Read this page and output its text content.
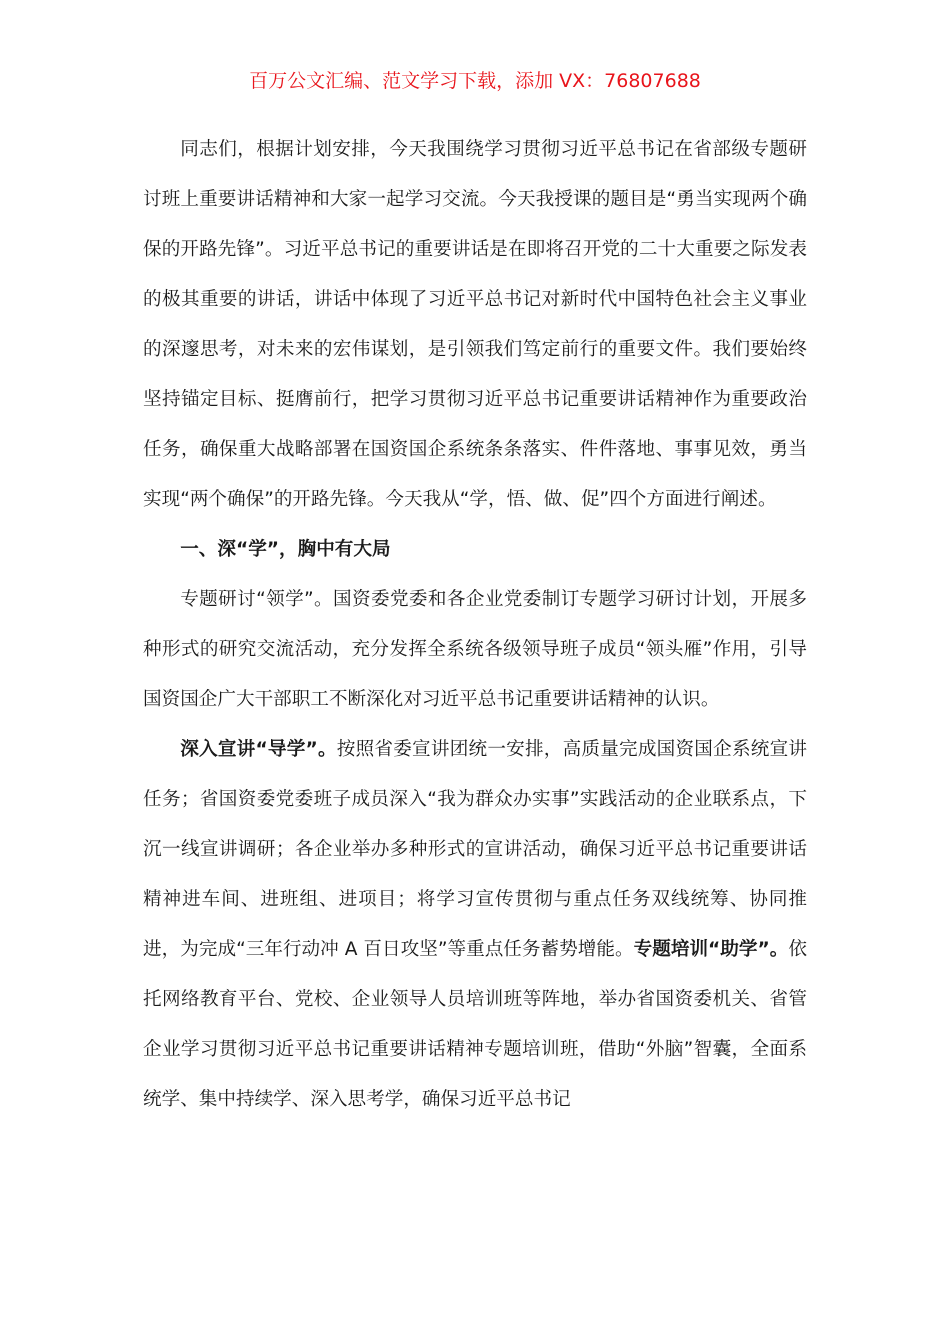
百万公文汇编、范文学习下载，添加 VX：76807688

同志们，根据计划安排，今天我围绕学习贯彻习近平总书记在省部级专题研讨班上重要讲话精神和大家一起学习交流。今天我授课的题目是“勇当实现两个确保的开路先锋”。习近平总书记的重要讲话是在即将召开党的二十大重要之际发表的极其重要的讲话，讲话中体现了习近平总书记对新时代中国特色社会主义事业的深邃思考，对未来的宏伟谋划，是引领我们笃定前行的重要文件。我们要始终坚持锚定目标、挺膺前行，把学习贯彻习近平总书记重要讲话精神作为重要政治任务，确保重大战略部署在国资国企系统条条落实、件件落地、事事见效，勇当实现“两个确保”的开路先锋。今天我从“学，悟、做、促”四个方面进行阐述。

一、深“学”，胸中有大局

专题研讨“领学”。国资委党委和各企业党委制订专题学习研讨计划，开展多种形式的研究交流活动，充分发挥全系统各级领导班子成员“领头雁”作用，引导国资国企广大干部职工不断深化对习近平总书记重要讲话精神的认识。

深入宣讲“导学”。按照省委宣讲团统一安排，高质量完成国资国企系统宣讲任务；省国资委党委班子成员深入“我为群众办实事”实践活动的企业联系点，下沉一线宣讲调研；各企业举办多种形式的宣讲活动，确保习近平总书记重要讲话精神进车间、进班组、进项目；将学习宣传贯彻与重点任务双线统筹、协同推进，为完成“三年行动冲 A 百日攻坚”等重点任务蓄势增能。专题培训“助学”。依托网络教育平台、党校、企业领导人员培训班等阵地，举办省国资委机关、省管企业学习贯彻习近平总书记重要讲话精神专题培训班，借助“外脑”智囊，全面系统学、集中持续学、深入思考学，确保习近平总书记
